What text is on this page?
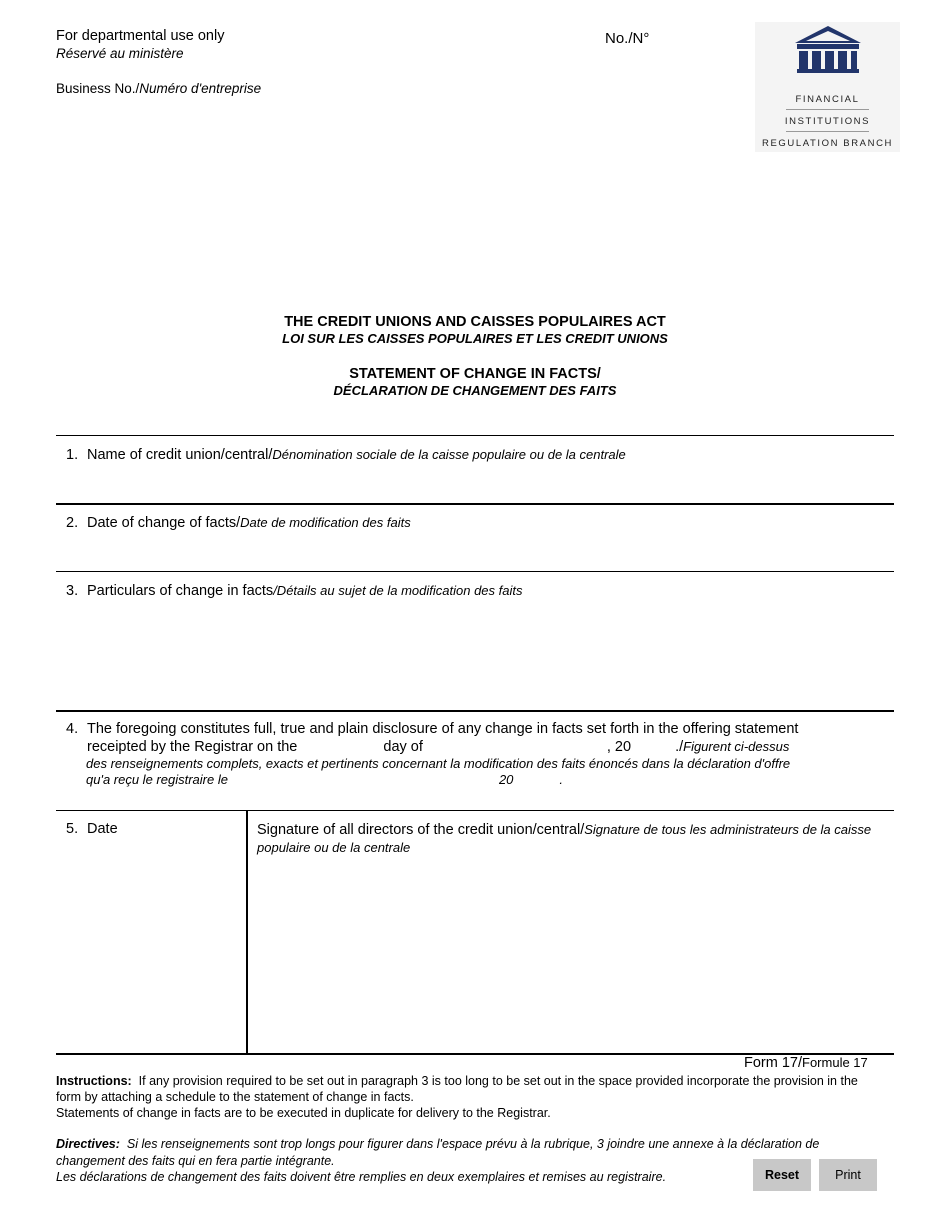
For departmental use only
Réservé au ministère
Business No./Numéro d'entreprise
No./N°
FINANCIAL
INSTITUTIONS
REGULATION BRANCH
THE CREDIT UNIONS AND CAISSES POPULAIRES ACT
LOI SUR LES CAISSES POPULAIRES ET LES CREDIT UNIONS
STATEMENT OF CHANGE IN FACTS/
DÉCLARATION DE CHANGEMENT DES FAITS
1. Name of credit union/central/Dénomination sociale de la caisse populaire ou de la centrale
2. Date of change of facts/Date de modification des faits
3. Particulars of change in facts/Détails au sujet de la modification des faits
4. The foregoing constitutes full, true and plain disclosure of any change in facts set forth in the offering statement
receipted by the Registrar on the	day of	, 20	./Figurent ci-dessus
des renseignements complets, exacts et pertinents concernant la modification des faits énoncés dans la déclaration d'offre
qu'a reçu le registraire le	20	.
5. Date	Signature of all directors of the credit union/central/Signature de tous les administrateurs de la caisse populaire ou de la centrale
Form 17/Formule 17
Instructions: If any provision required to be set out in paragraph 3 is too long to be set out in the space provided incorporate the provision in the form by attaching a schedule to the statement of change in facts.
Statements of change in facts are to be executed in duplicate for delivery to the Registrar.
Directives: Si les renseignements sont trop longs pour figurer dans l'espace prévu à la rubrique, 3 joindre une annexe à la déclaration de changement des faits qui en fera partie intégrante.
Les déclarations de changement des faits doivent être remplies en deux exemplaires et remises au registraire.	Reset	Print
